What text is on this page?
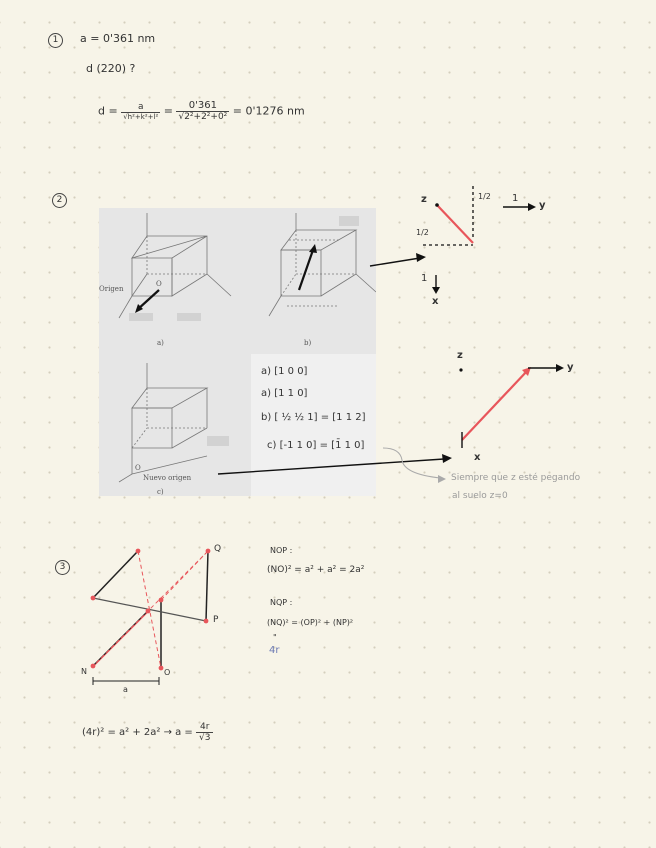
1	a = 0'361 nm
d (220) ?
$d = \frac{a}{\text{√h²+k²+l²}} = \frac{0'361}{\text{√2²+2²+0²}} = 0'1276$ nm
2
Origen
O
a)	b)
O
Nuevo origen
c)
a) [1 0 0]
a) [1 1 0]
b) [ ½ ½ 1] = [1 1 2]
c) [-1 1 0] = [1̄ 1 0]
z	1/2 1
y
1/2
1
x
z
y
x
Siempre que z esté pegando
al suelo z=0
3
Q
P
N	O
a
NOP :
(NO)² = a² + a² = 2a²
NQP :
(NQ)² = (OP)² + (NP)²
"
4r
$(4r)^2 = a^2 + 2a^2 \to a = \frac{4r}{√3}$
